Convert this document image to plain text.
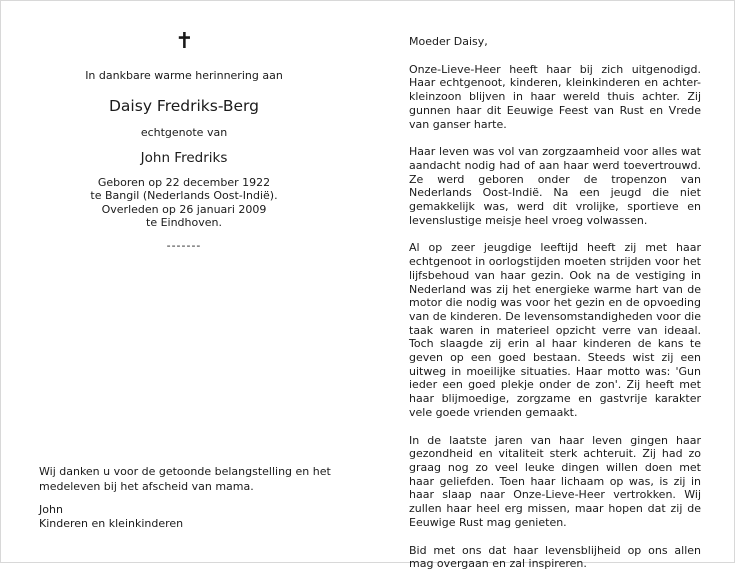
✝
In dankbare warme herinnering aan
Daisy Fredriks-Berg
echtgenote van
John Fredriks
Geboren op 22 december 1922
te Bangil (Nederlands Oost-Indië).
Overleden op 26 januari 2009
te Eindhoven.
-------
Wij danken u voor de getoonde belangstelling en het
medeleven bij het afscheid van mama.
John
Kinderen en kleinkinderen

Moeder Daisy,

Onze-Lieve-Heer heeft haar bij zich uitgenodigd. Haar echtgenoot, kinderen, kleinkinderen en achter-kleinzoon blijven in haar wereld thuis achter. Zij gunnen haar dit Eeuwige Feest van Rust en Vrede van ganser harte.

Haar leven was vol van zorgzaamheid voor alles wat aandacht nodig had of aan haar werd toevertrouwd. Ze werd geboren onder de tropenzon van Nederlands Oost-Indië. Na een jeugd die niet gemakkelijk was, werd dit vrolijke, sportieve en levenslustige meisje heel vroeg volwassen.

Al op zeer jeugdige leeftijd heeft zij met haar echtgenoot in oorlogstijden moeten strijden voor het lijfsbehoud van haar gezin. Ook na de vestiging in Nederland was zij het energieke warme hart van de motor die nodig was voor het gezin en de opvoeding van de kinderen. De levensomstandigheden voor die taak waren in materieel opzicht verre van ideaal. Toch slaagde zij erin al haar kinderen de kans te geven op een goed bestaan. Steeds wist zij een uitweg in moeilijke situaties. Haar motto was: 'Gun ieder een goed plekje onder de zon'. Zij heeft met haar blijmoedige, zorgzame en gastvrije karakter vele goede vrienden gemaakt.

In de laatste jaren van haar leven gingen haar gezondheid en vitaliteit sterk achteruit. Zij had zo graag nog zo veel leuke dingen willen doen met haar geliefden. Toen haar lichaam op was, is zij in haar slaap naar Onze-Lieve-Heer vertrokken. Wij zullen haar heel erg missen, maar hopen dat zij de Eeuwige Rust mag genieten.

Bid met ons dat haar levensblijheid op ons allen mag overgaan en zal inspireren.
